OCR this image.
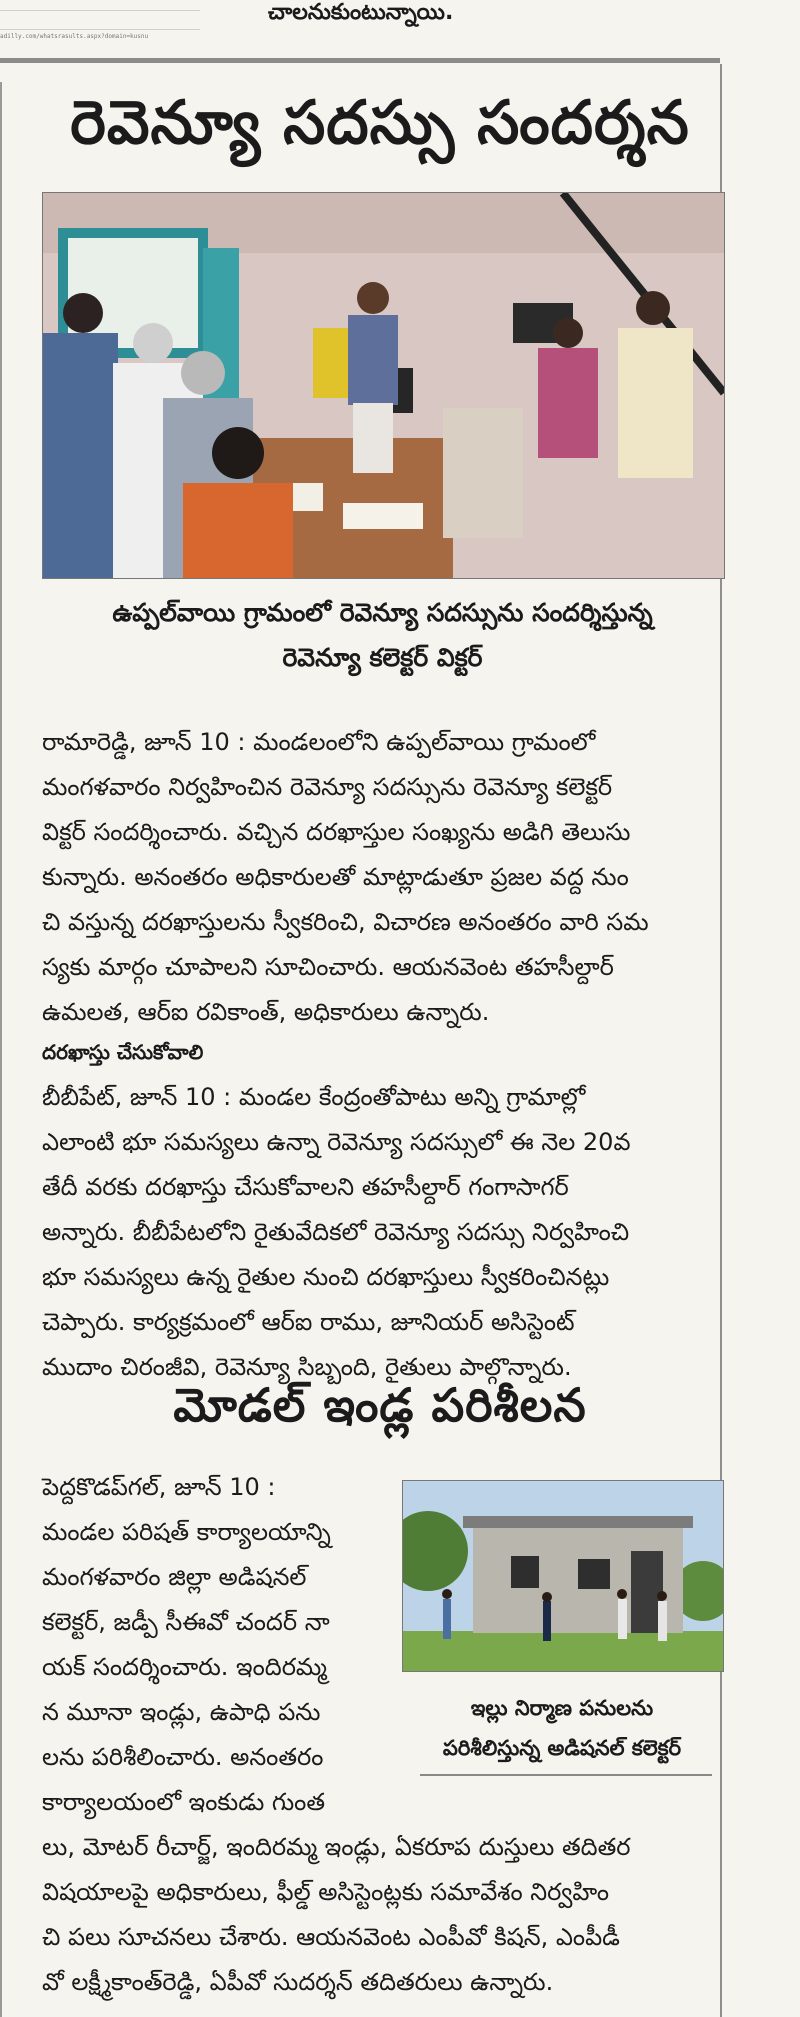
adilly.com/whatsrasults.aspx?domain=kusnu
చాలనుకుంటున్నాయి.
రెవెన్యూ సదస్సు సందర్శన
ఉప్పల్‌వాయి గ్రామంలో రెవెన్యూ సదస్సును సందర్శిస్తున్న
రెవెన్యూ కలెక్టర్ విక్టర్
రామారెడ్డి, జూన్ 10 : మండలంలోని ఉప్పల్‌వాయి గ్రామంలో
మంగళవారం నిర్వహించిన రెవెన్యూ సదస్సును రెవెన్యూ కలెక్టర్
విక్టర్ సందర్శించారు. వచ్చిన దరఖాస్తుల సంఖ్యను అడిగి తెలుసు
కున్నారు. అనంతరం అధికారులతో మాట్లాడుతూ ప్రజల వద్ద నుం
చి వస్తున్న దరఖాస్తులను స్వీకరించి, విచారణ అనంతరం వారి సమ
స్యకు మార్గం చూపాలని సూచించారు. ఆయనవెంట తహసీల్దార్
ఉమలత, ఆర్ఐ రవికాంత్, అధికారులు ఉన్నారు.
దరఖాస్తు చేసుకోవాలి
బీబీపేట్, జూన్ 10 : మండల కేంద్రంతోపాటు అన్ని గ్రామాల్లో
ఎలాంటి భూ సమస్యలు ఉన్నా రెవెన్యూ సదస్సులో ఈ నెల 20వ
తేదీ వరకు దరఖాస్తు చేసుకోవాలని తహసీల్దార్ గంగాసాగర్
అన్నారు. బీబీపేటలోని రైతువేదికలో రెవెన్యూ సదస్సు నిర్వహించి
భూ సమస్యలు ఉన్న రైతుల నుంచి దరఖాస్తులు స్వీకరించినట్లు
చెప్పారు. కార్యక్రమంలో ఆర్ఐ రాము, జూనియర్ అసిస్టెంట్
ముదాం చిరంజీవి, రెవెన్యూ సిబ్బంది, రైతులు పాల్గొన్నారు.
మోడల్ ఇండ్ల పరిశీలన
పెద్దకొడప్‌గల్, జూన్ 10 :
మండల పరిషత్ కార్యాలయాన్ని
మంగళవారం జిల్లా అడిషనల్
కలెక్టర్, జడ్పీ సీఈవో చందర్ నా
యక్ సందర్శించారు. ఇందిరమ్మ
న మూనా ఇండ్లు, ఉపాధి పను
లను పరిశీలించారు. అనంతరం
ఇల్లు నిర్మాణ పనులను
పరిశీలిస్తున్న అడిషనల్ కలెక్టర్
కార్యాలయంలో ఇంకుడు గుంత
లు, మోటర్ రీచార్జ్, ఇందిరమ్మ ఇండ్లు, ఏకరూప దుస్తులు తదితర
విషయాలపై అధికారులు, ఫీల్డ్ అసిస్టెంట్లకు సమావేశం నిర్వహిం
చి పలు సూచనలు చేశారు. ఆయనవెంట ఎంపీవో కిషన్, ఎంపీడీ
వో లక్ష్మీకాంత్‌రెడ్డి, ఏపీవో సుదర్శన్ తదితరులు ఉన్నారు.
